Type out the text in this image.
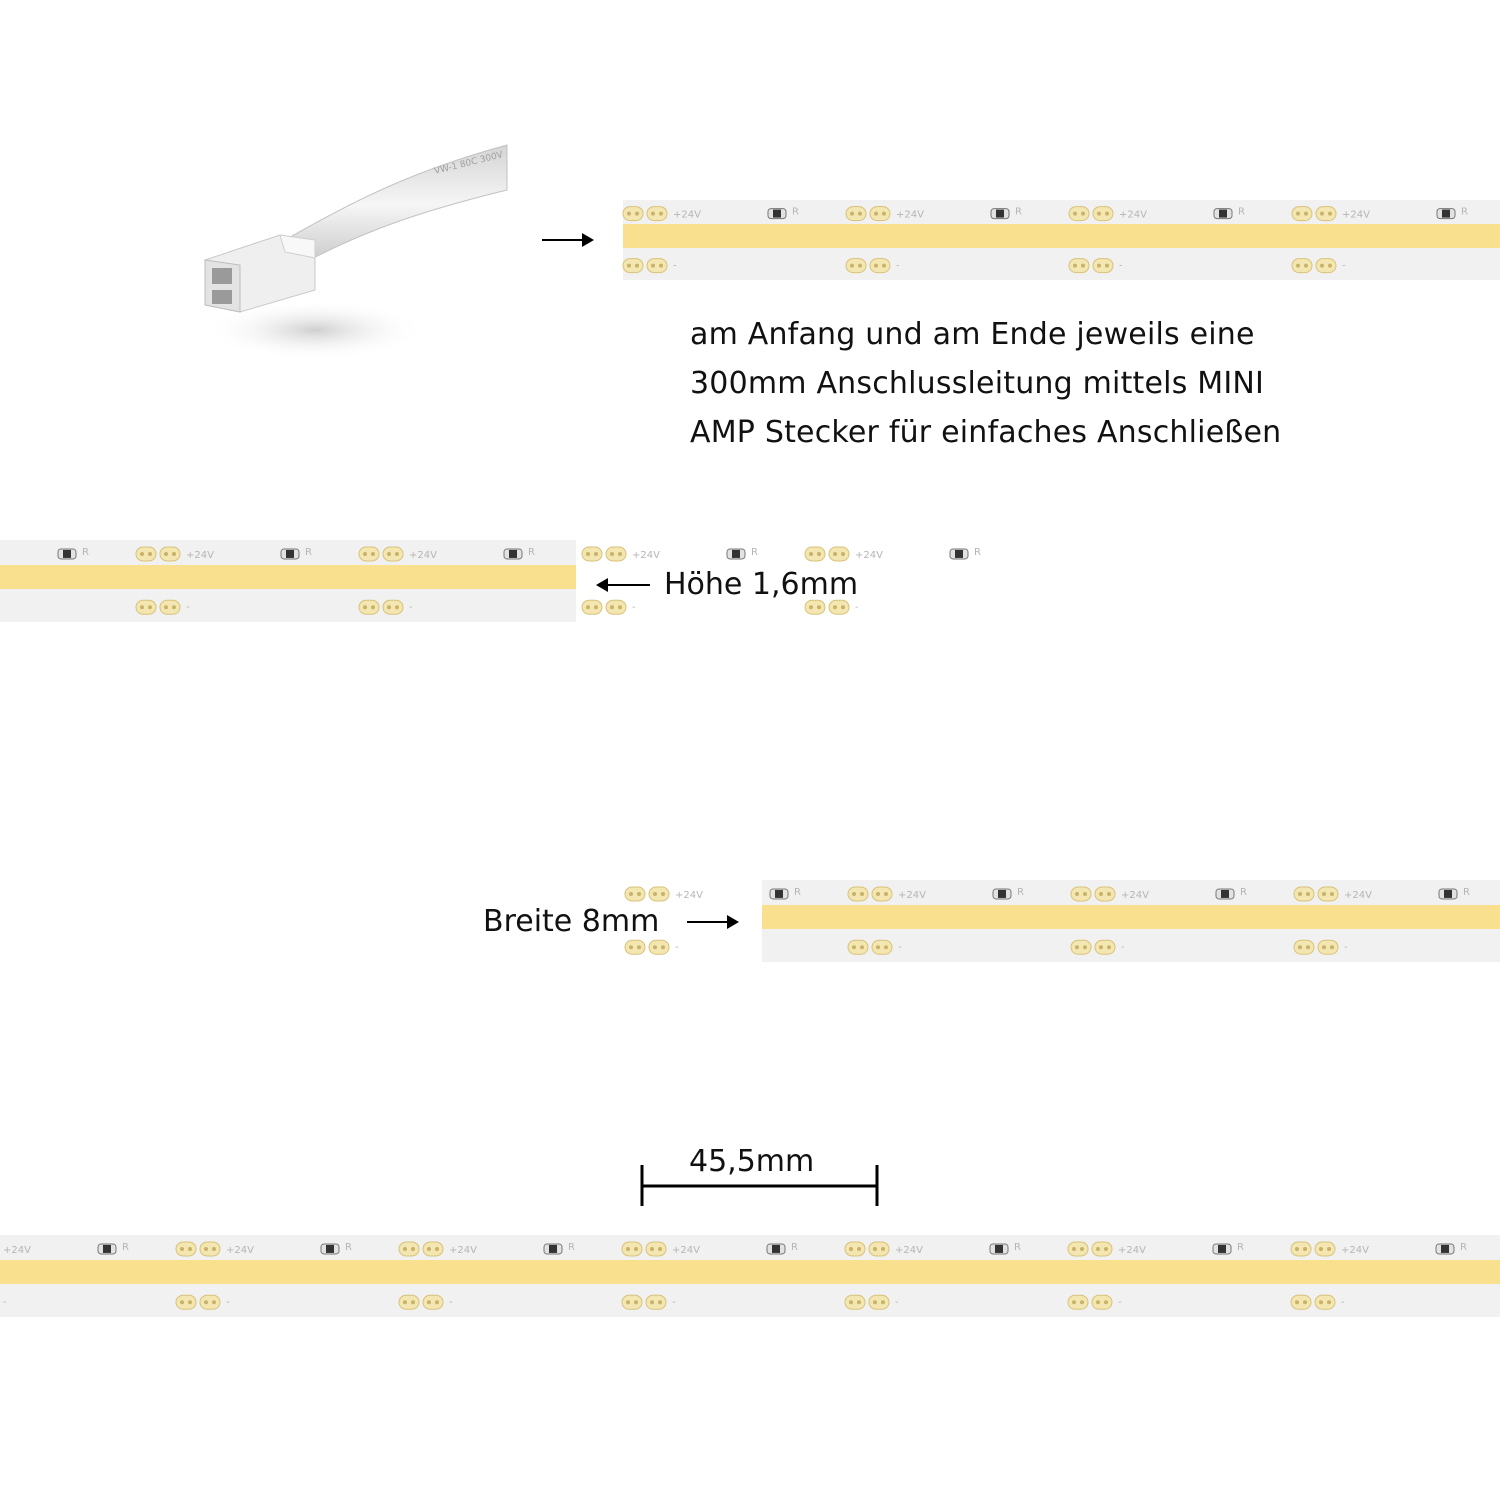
VW-1 80C 300V
+24V
-
R	+24V
-
R	+24V
-
R	+24V
-
R
am Anfang und am Ende jeweils eine
300mm Anschlussleitung mittels MINI
AMP Stecker für einfaches Anschließen
R	+24V
-
R	+24V
-
R	+24V
-
R	+24V
-
R
Höhe 1,6mm
Breite 8mm
+24V
-
R	+24V
-
R	+24V
-
R	+24V
-
R
45,5mm
+24V
-
R	+24V
-
R	+24V
-
R	+24V
-
R	+24V
-
R	+24V
-
R	+24V
-
R
